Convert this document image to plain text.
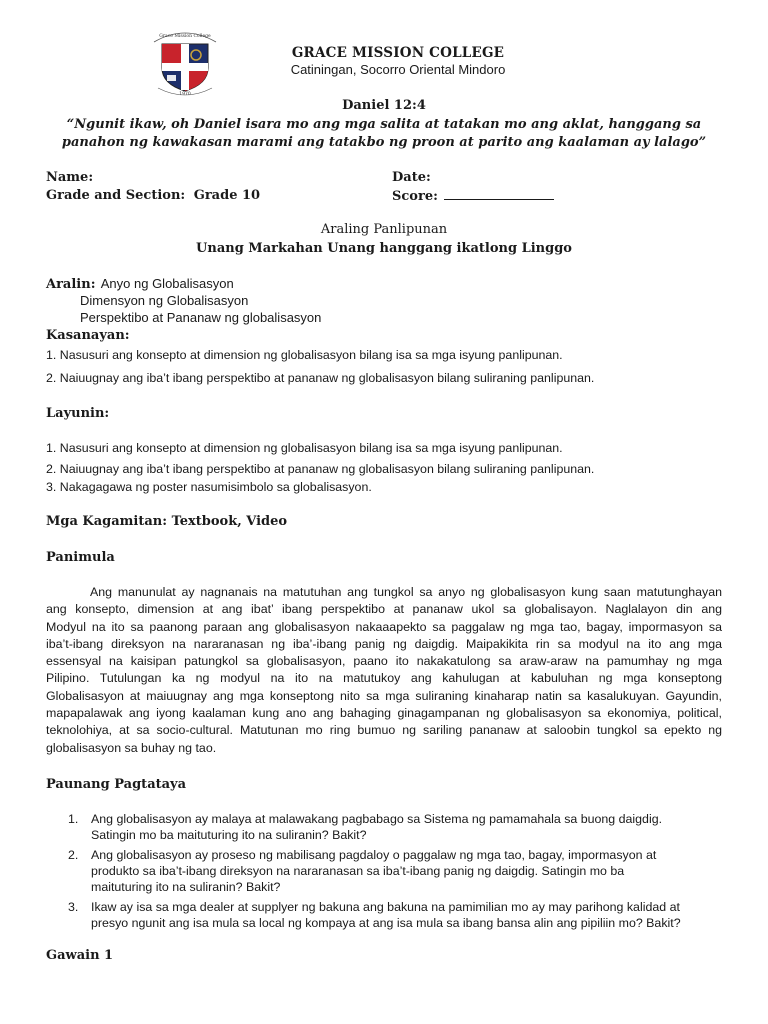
Grace Mission College
1970
GRACE MISSION COLLEGE
Catiningan, Socorro Oriental Mindoro
Daniel 12:4
“Ngunit ikaw, oh Daniel isara mo ang mga salita at tatakan mo ang aklat, hanggang sa panahon ng kawakasan marami ang tatakbo ng proon at parito ang kaalaman ay lalago”
Name:	Date:
Grade and Section: Grade 10	Score:
Araling Panlipunan
Unang Markahan Unang hanggang ikatlong Linggo
Aralin: Anyo ng Globalisasyon
Dimensyon ng Globalisasyon
Perspektibo at Pananaw ng globalisasyon
Kasanayan:
1. Nasusuri ang konsepto at dimension ng globalisasyon bilang isa sa mga isyung panlipunan.
2. Naiuugnay ang iba’t ibang perspektibo at pananaw ng globalisasyon bilang suliraning panlipunan.
Layunin:
1. Nasusuri ang konsepto at dimension ng globalisasyon bilang isa sa mga isyung panlipunan.
2. Naiuugnay ang iba’t ibang perspektibo at pananaw ng globalisasyon bilang suliraning panlipunan.
3. Nakagagawa ng poster nasumisimbolo sa globalisasyon.
Mga Kagamitan: Textbook, Video
Panimula
Ang manunulat ay nagnanais na matutuhan ang tungkol sa anyo ng globalisasyon kung saan matutunghayan
ang konsepto, dimension at ang ibat’ ibang perspektibo at pananaw ukol sa globalisayon. Naglalayon din ang
Modyul na ito sa paanong paraan ang globalisasyon nakaaapekto sa paggalaw ng mga tao, bagay, impormasyon sa
iba’t-ibang direksyon na nararanasan ng iba’-ibang panig ng daigdig. Maipakikita rin sa modyul na ito ang mga
essensyal na kaisipan patungkol sa globalisasyon, paano ito nakakatulong sa araw-araw na pamumhay ng mga
Pilipino. Tutulungan ka ng modyul na ito na matutukoy ang kahulugan at kabuluhan ng mga konseptong
Globalisasyon at maiuugnay ang mga konseptong nito sa mga suliraning kinaharap natin sa kasalukuyan. Gayundin,
mapapalawak ang iyong kaalaman kung ano ang bahaging ginagampanan ng globalisasyon sa ekonomiya, political,
teknolohiya, at sa socio-cultural. Matutunan mo ring bumuo ng sariling pananaw at saloobin tungkol sa epekto ng
globalisasyon sa buhay ng tao.
Paunang Pagtataya
1. Ang globalisasyon ay malaya at malawakang pagbabago sa Sistema ng pamamahala sa buong daigdig.
Satingin mo ba maituturing ito na suliranin? Bakit?
2. Ang globalisasyon ay proseso ng mabilisang pagdaloy o paggalaw ng mga tao, bagay, impormasyon at
produkto sa iba’t-ibang direksyon na nararanasan sa iba’t-ibang panig ng daigdig. Satingin mo ba
maituturing ito na suliranin? Bakit?
3. Ikaw ay isa sa mga dealer at supplyer ng bakuna ang bakuna na pamimilian mo ay may parihong kalidad at
presyo ngunit ang isa mula sa local ng kompaya at ang isa mula sa ibang bansa alin ang pipiliin mo? Bakit?
Gawain 1
